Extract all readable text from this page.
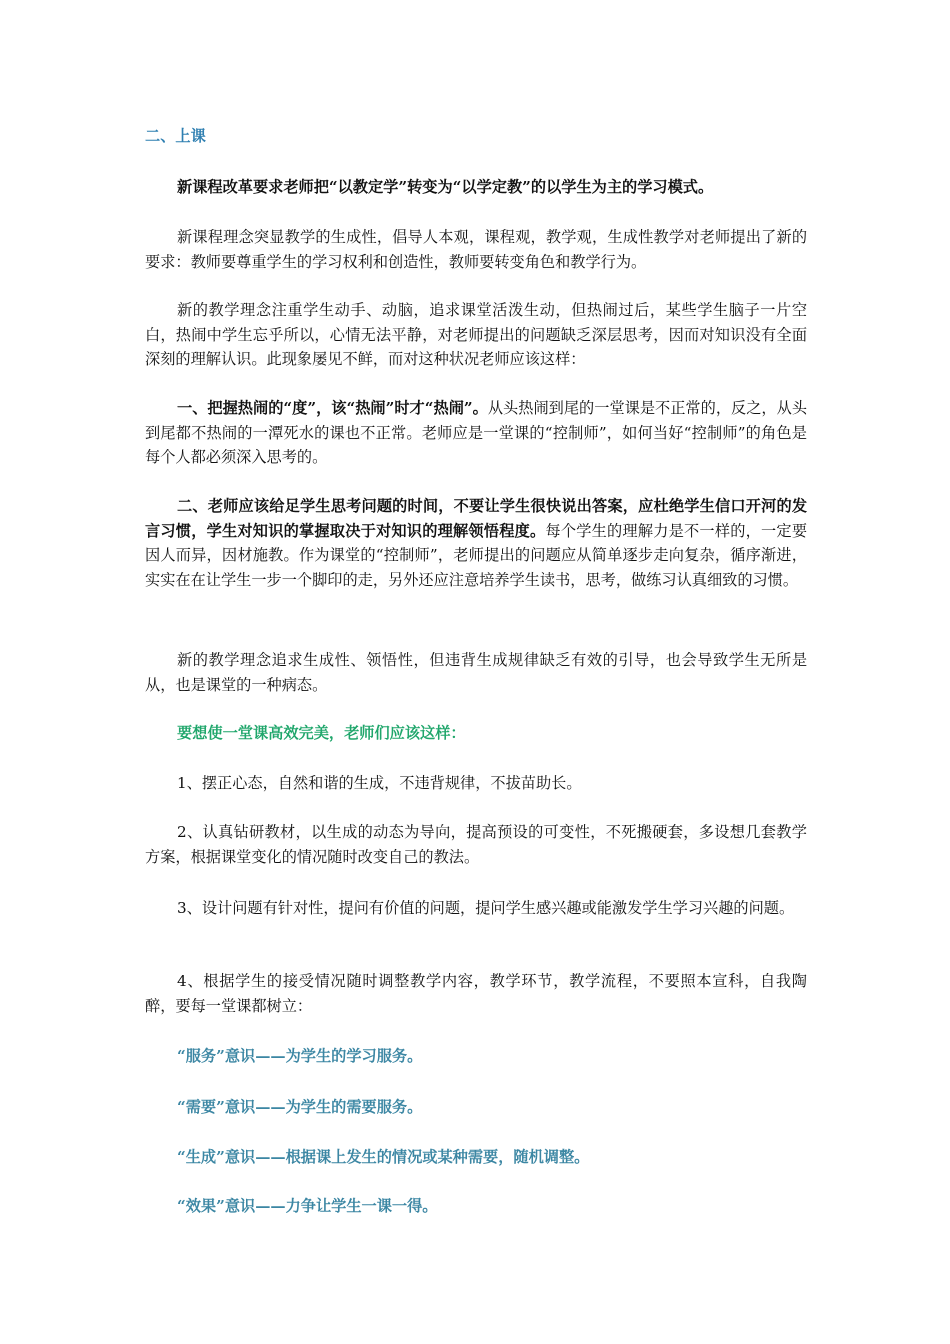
二、上课

新课程改革要求老师把“以教定学”转变为“以学定教”的以学生为主的学习模式。

新课程理念突显教学的生成性，倡导人本观，课程观，教学观，生成性教学对老师提出了新的要求：教师要尊重学生的学习权利和创造性，教师要转变角色和教学行为。

新的教学理念注重学生动手、动脑，追求课堂活泼生动，但热闹过后，某些学生脑子一片空白，热闹中学生忘乎所以，心情无法平静，对老师提出的问题缺乏深层思考，因而对知识没有全面深刻的理解认识。此现象屡见不鲜，而对这种状况老师应该这样：

一、把握热闹的“度”，该“热闹”时才“热闹”。从头热闹到尾的一堂课是不正常的，反之，从头到尾都不热闹的一潭死水的课也不正常。老师应是一堂课的“控制师”，如何当好“控制师”的角色是每个人都必须深入思考的。

二、老师应该给足学生思考问题的时间，不要让学生很快说出答案，应杜绝学生信口开河的发言习惯，学生对知识的掌握取决于对知识的理解领悟程度。每个学生的理解力是不一样的，一定要因人而异，因材施教。作为课堂的“控制师”，老师提出的问题应从简单逐步走向复杂，循序渐进，实实在在让学生一步一个脚印的走，另外还应注意培养学生读书，思考，做练习认真细致的习惯。

新的教学理念追求生成性、领悟性，但违背生成规律缺乏有效的引导，也会导致学生无所是从，也是课堂的一种病态。

要想使一堂课高效完美，老师们应该这样：

1、摆正心态，自然和谐的生成，不违背规律，不拔苗助长。

2、认真钻研教材，以生成的动态为导向，提高预设的可变性，不死搬硬套，多设想几套教学方案，根据课堂变化的情况随时改变自己的教法。

3、设计问题有针对性，提问有价值的问题，提问学生感兴趣或能激发学生学习兴趣的问题。

4、根据学生的接受情况随时调整教学内容，教学环节，教学流程，不要照本宣科，自我陶醉，要每一堂课都树立：

“服务”意识——为学生的学习服务。

“需要”意识——为学生的需要服务。

“生成”意识——根据课上发生的情况或某种需要，随机调整。

“效果”意识——力争让学生一课一得。
